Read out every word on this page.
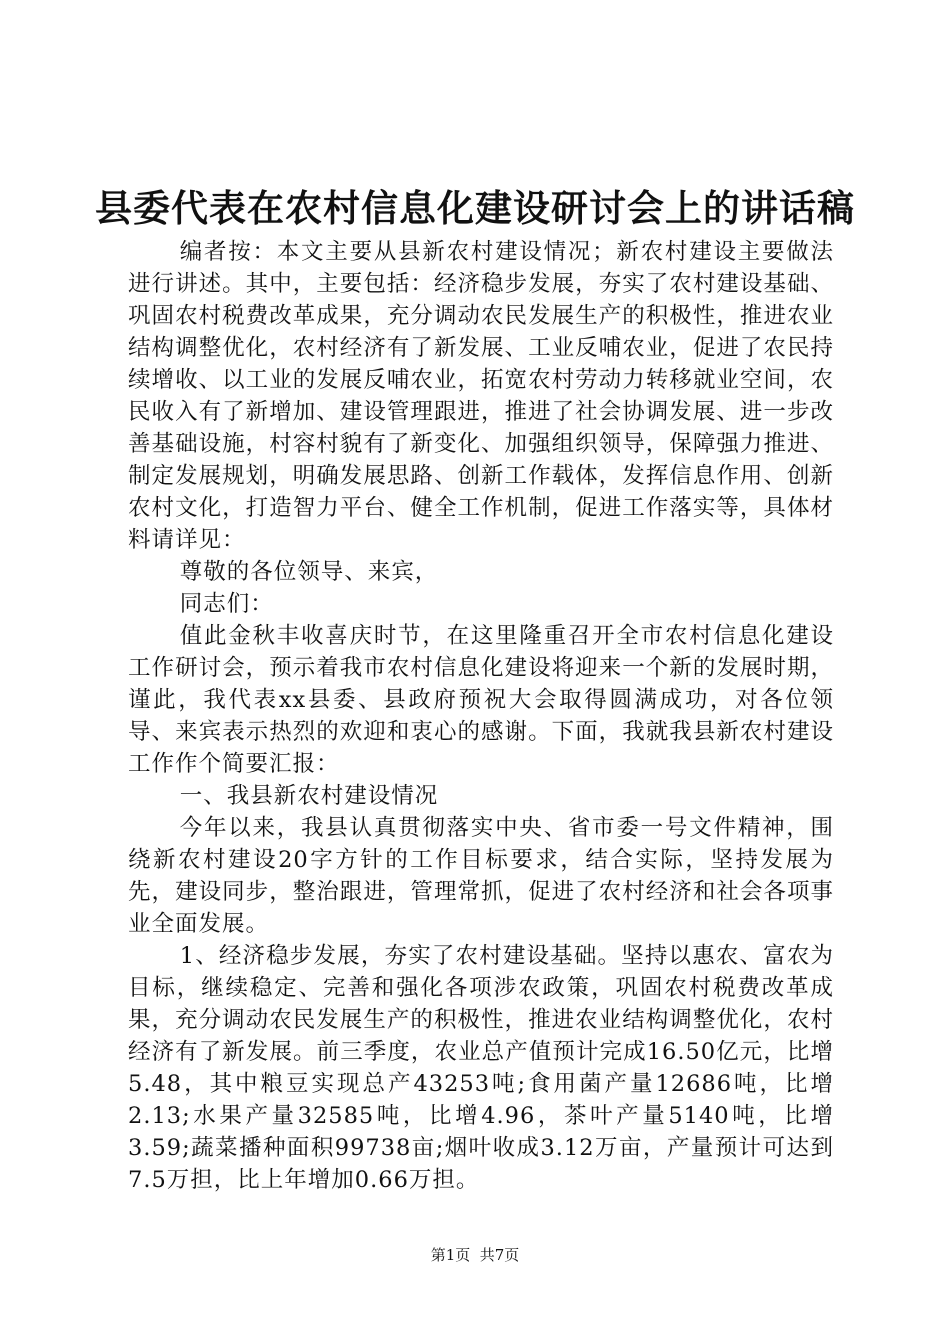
县委代表在农村信息化建设研讨会上的讲话稿

编者按：本文主要从县新农村建设情况；新农村建设主要做法进行讲述。其中，主要包括：经济稳步发展，夯实了农村建设基础、巩固农村税费改革成果，充分调动农民发展生产的积极性，推进农业结构调整优化，农村经济有了新发展、工业反哺农业，促进了农民持续增收、以工业的发展反哺农业，拓宽农村劳动力转移就业空间，农民收入有了新增加、建设管理跟进，推进了社会协调发展、进一步改善基础设施，村容村貌有了新变化、加强组织领导，保障强力推进、制定发展规划，明确发展思路、创新工作载体，发挥信息作用、创新农村文化，打造智力平台、健全工作机制，促进工作落实等，具体材料请详见：

尊敬的各位领导、来宾，

同志们：

值此金秋丰收喜庆时节，在这里隆重召开全市农村信息化建设工作研讨会，预示着我市农村信息化建设将迎来一个新的发展时期，谨此，我代表xx县委、县政府预祝大会取得圆满成功，对各位领导、来宾表示热烈的欢迎和衷心的感谢。下面，我就我县新农村建设工作作个简要汇报：

一、我县新农村建设情况

今年以来，我县认真贯彻落实中央、省市委一号文件精神，围绕新农村建设20字方针的工作目标要求，结合实际，坚持发展为先，建设同步，整治跟进，管理常抓，促进了农村经济和社会各项事业全面发展。

1、经济稳步发展，夯实了农村建设基础。坚持以惠农、富农为目标，继续稳定、完善和强化各项涉农政策，巩固农村税费改革成果，充分调动农民发展生产的积极性，推进农业结构调整优化，农村经济有了新发展。前三季度，农业总产值预计完成16.50亿元，比增5.48，其中粮豆实现总产43253吨;食用菌产量12686吨，比增2.13;水果产量32585吨，比增4.96，茶叶产量5140吨，比增3.59;蔬菜播种面积99738亩;烟叶收成3.12万亩，产量预计可达到7.5万担，比上年增加0.66万担。

第1页  共7页
